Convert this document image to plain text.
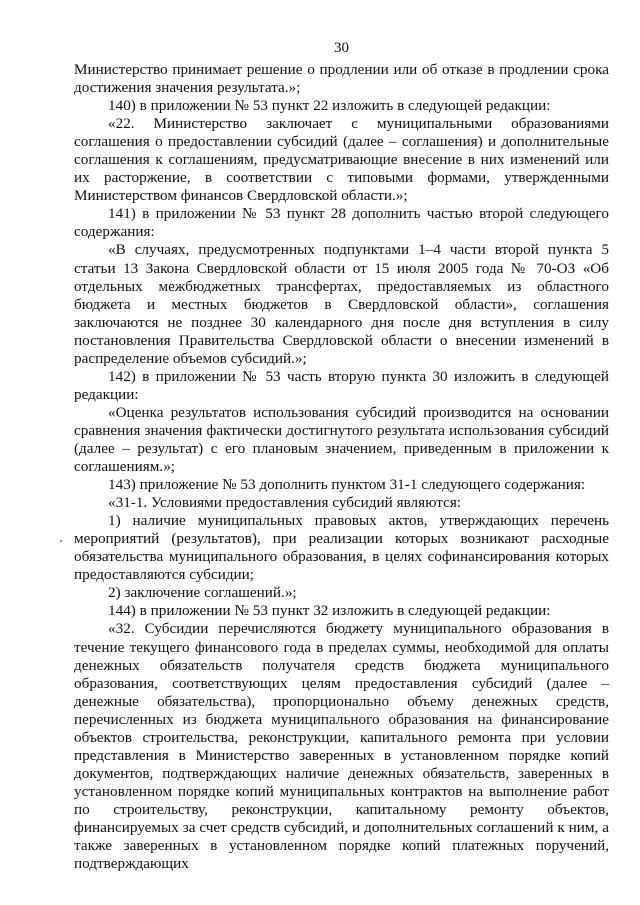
30

Министерство принимает решение о продлении или об отказе в продлении срока достижения значения результата.»;

140) в приложении № 53 пункт 22 изложить в следующей редакции:

«22. Министерство заключает с муниципальными образованиями соглашения о предоставлении субсидий (далее – соглашения) и дополнительные соглашения к соглашениям, предусматривающие внесение в них изменений или их расторжение, в соответствии с типовыми формами, утвержденными Министерством финансов Свердловской области.»;

141) в приложении № 53 пункт 28 дополнить частью второй следующего содержания:

«В случаях, предусмотренных подпунктами 1–4 части второй пункта 5 статьи 13 Закона Свердловской области от 15 июля 2005 года № 70-ОЗ «Об отдельных межбюджетных трансфертах, предоставляемых из областного бюджета и местных бюджетов в Свердловской области», соглашения заключаются не позднее 30 календарного дня после дня вступления в силу постановления Правительства Свердловской области о внесении изменений в распределение объемов субсидий.»;

142) в приложении № 53 часть вторую пункта 30 изложить в следующей редакции:

«Оценка результатов использования субсидий производится на основании сравнения значения фактически достигнутого результата использования субсидий (далее – результат) с его плановым значением, приведенным в приложении к соглашениям.»;

143) приложение № 53 дополнить пунктом 31-1 следующего содержания:

«31-1. Условиями предоставления субсидий являются:

1) наличие муниципальных правовых актов, утверждающих перечень мероприятий (результатов), при реализации которых возникают расходные обязательства муниципального образования, в целях софинансирования которых предоставляются субсидии;

2) заключение соглашений.»;

144) в приложении № 53 пункт 32 изложить в следующей редакции:

«32. Субсидии перечисляются бюджету муниципального образования в течение текущего финансового года в пределах суммы, необходимой для оплаты денежных обязательств получателя средств бюджета муниципального образования, соответствующих целям предоставления субсидий (далее – денежные обязательства), пропорционально объему денежных средств, перечисленных из бюджета муниципального образования на финансирование объектов строительства, реконструкции, капитального ремонта при условии представления в Министерство заверенных в установленном порядке копий документов, подтверждающих наличие денежных обязательств, заверенных в установленном порядке копий муниципальных контрактов на выполнение работ по строительству, реконструкции, капитальному ремонту объектов, финансируемых за счет средств субсидий, и дополнительных соглашений к ним, а также заверенных в установленном порядке копий платежных поручений, подтверждающих
